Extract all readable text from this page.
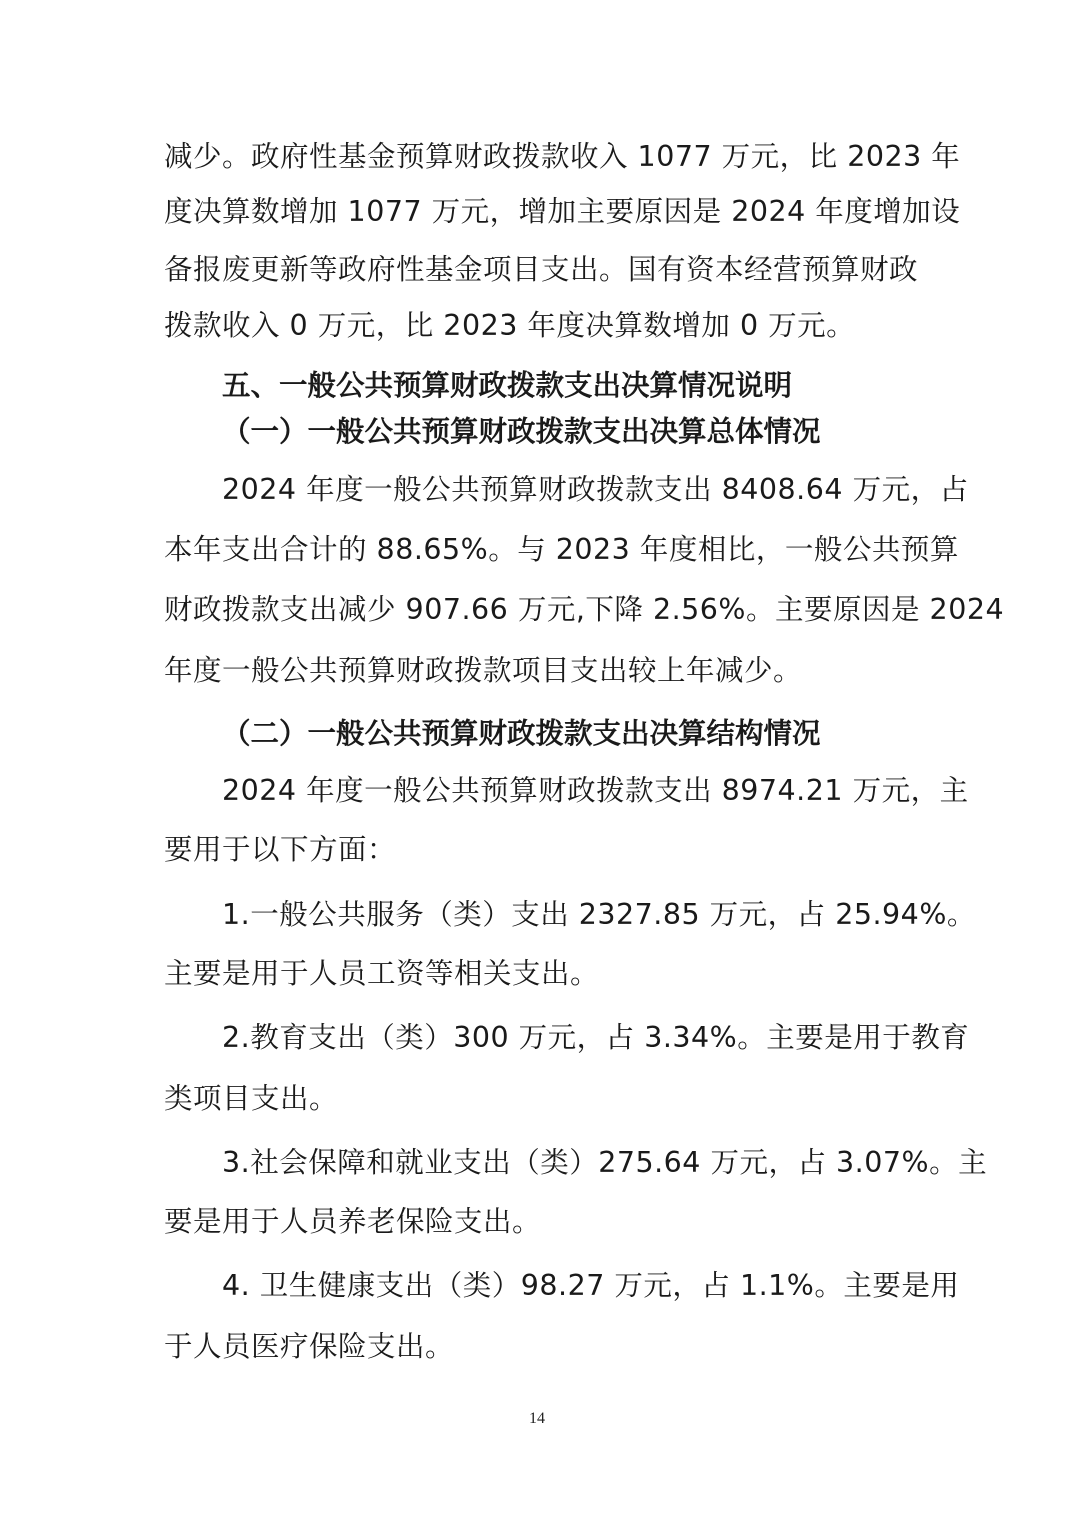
减少。政府性基金预算财政拨款收入 1077 万元，比 2023 年
度决算数增加 1077 万元，增加主要原因是 2024 年度增加设
备报废更新等政府性基金项目支出。国有资本经营预算财政
拨款收入 0 万元，比 2023 年度决算数增加 0 万元。
五、一般公共预算财政拨款支出决算情况说明
（一）一般公共预算财政拨款支出决算总体情况
2024 年度一般公共预算财政拨款支出 8408.64 万元，占
本年支出合计的 88.65%。与 2023 年度相比，一般公共预算
财政拨款支出减少 907.66 万元,下降 2.56%。主要原因是 2024
年度一般公共预算财政拨款项目支出较上年减少。
（二）一般公共预算财政拨款支出决算结构情况
2024 年度一般公共预算财政拨款支出 8974.21 万元，主
要用于以下方面：
1.一般公共服务（类）支出 2327.85 万元，占 25.94%。
主要是用于人员工资等相关支出。
2.教育支出（类）300 万元，占 3.34%。主要是用于教育
类项目支出。
3.社会保障和就业支出（类）275.64 万元，占 3.07%。主
要是用于人员养老保险支出。
4. 卫生健康支出（类）98.27 万元，占 1.1%。主要是用
于人员医疗保险支出。
14
